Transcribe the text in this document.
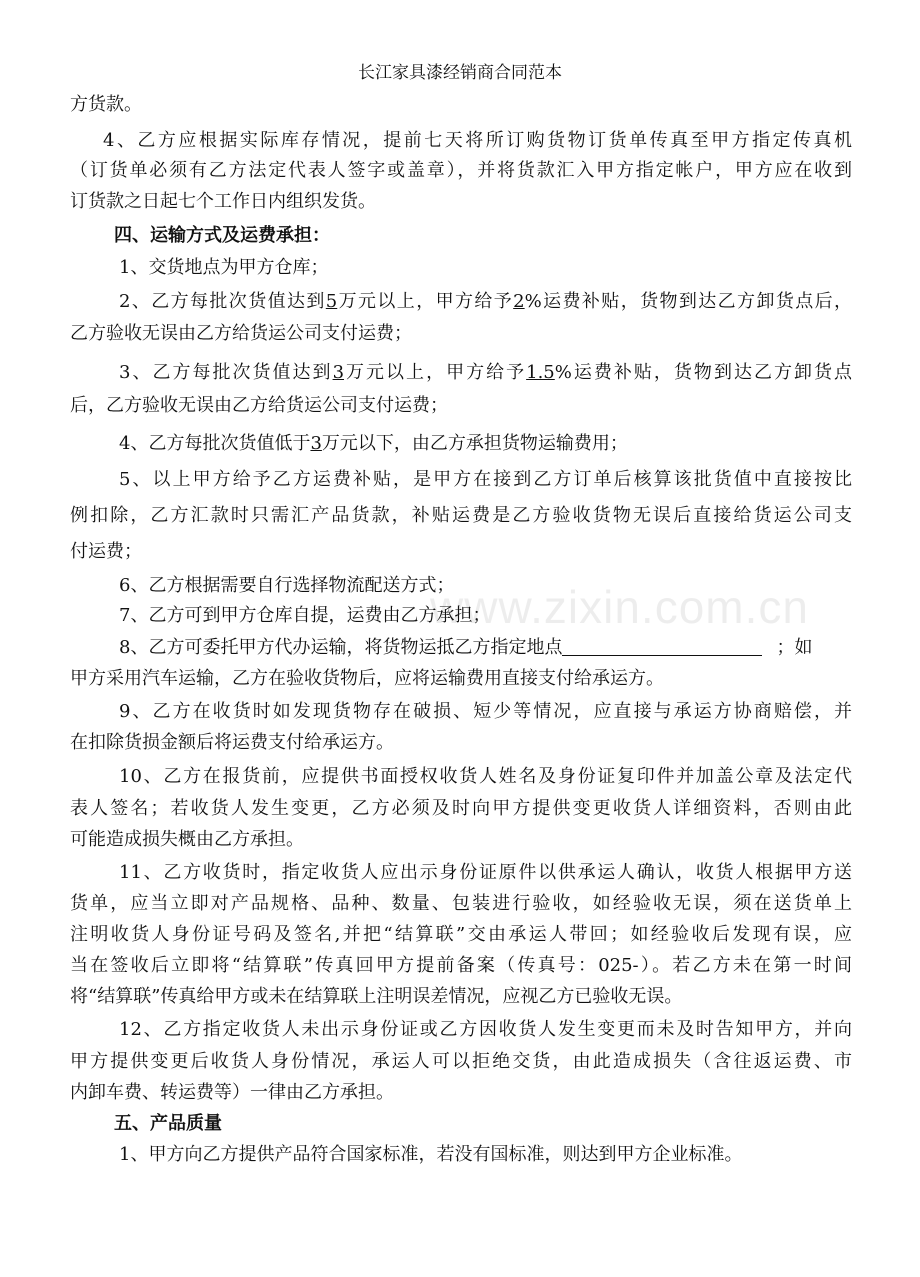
长江家具漆经销商合同范本
www.zixin.com.cn
方货款。
4、乙方应根据实际库存情况，提前七天将所订购货物订货单传真至甲方指定传真机
（订货单必须有乙方法定代表人签字或盖章），并将货款汇入甲方指定帐户，甲方应在收到
订货款之日起七个工作日内组织发货。
四、运输方式及运费承担：
1、交货地点为甲方仓库；
2、乙方每批次货值达到5万元以上，甲方给予2%运费补贴，货物到达乙方卸货点后，
乙方验收无误由乙方给货运公司支付运费；
3、乙方每批次货值达到3万元以上，甲方给予1.5%运费补贴，货物到达乙方卸货点
后，乙方验收无误由乙方给货运公司支付运费；
4、乙方每批次货值低于3万元以下，由乙方承担货物运输费用；
5、以上甲方给予乙方运费补贴，是甲方在接到乙方订单后核算该批货值中直接按比
例扣除，乙方汇款时只需汇产品货款，补贴运费是乙方验收货物无误后直接给货运公司支
付运费；
6、乙方根据需要自行选择物流配送方式；
7、乙方可到甲方仓库自提，运费由乙方承担；
8、乙方可委托甲方代办运输，将货物运抵乙方指定地点	；如
甲方采用汽车运输，乙方在验收货物后，应将运输费用直接支付给承运方。
9、乙方在收货时如发现货物存在破损、短少等情况，应直接与承运方协商赔偿，并
在扣除货损金额后将运费支付给承运方。
10、乙方在报货前，应提供书面授权收货人姓名及身份证复印件并加盖公章及法定代
表人签名；若收货人发生变更，乙方必须及时向甲方提供变更收货人详细资料，否则由此
可能造成损失概由乙方承担。
11、乙方收货时，指定收货人应出示身份证原件以供承运人确认，收货人根据甲方送
货单，应当立即对产品规格、品种、数量、包装进行验收，如经验收无误，须在送货单上
注明收货人身份证号码及签名,并把“结算联”交由承运人带回；如经验收后发现有误，应
当在签收后立即将“结算联”传真回甲方提前备案（传真号：025-）。若乙方未在第一时间
将“结算联”传真给甲方或未在结算联上注明误差情况，应视乙方已验收无误。
12、乙方指定收货人未出示身份证或乙方因收货人发生变更而未及时告知甲方，并向
甲方提供变更后收货人身份情况，承运人可以拒绝交货，由此造成损失（含往返运费、市
内卸车费、转运费等）一律由乙方承担。
五、产品质量
1、甲方向乙方提供产品符合国家标准，若没有国标准，则达到甲方企业标准。
